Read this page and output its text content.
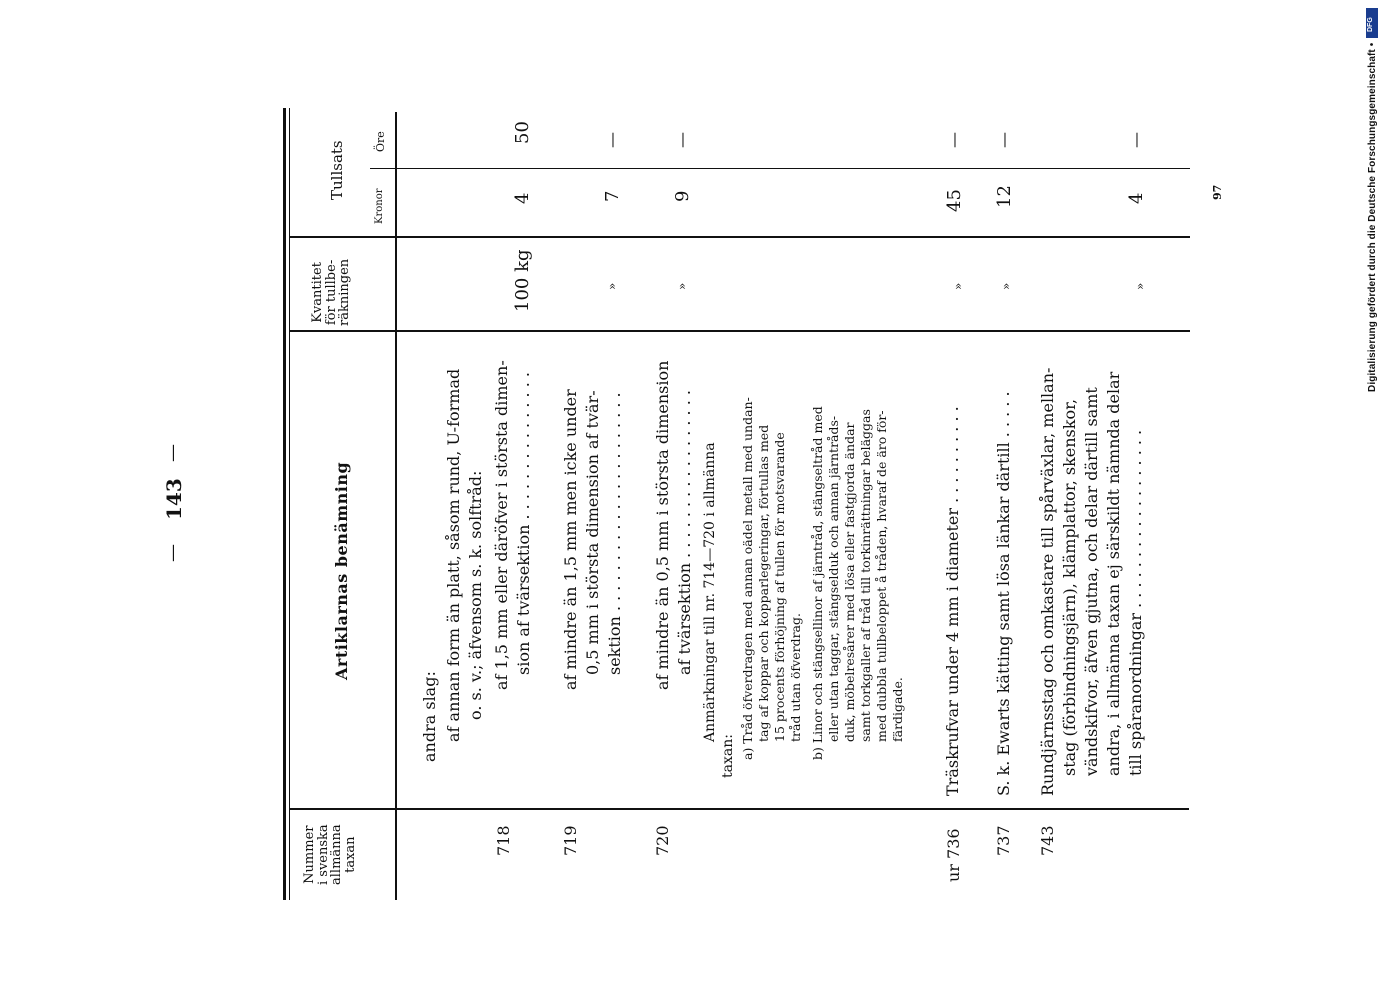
—
143
—
Nummer
i svenska
allmänna
taxan
Artiklarnas benämning
Kvantitet
för tullbe-
räkningen
Tullsats
Kronor
Öre
andra slag: af annan form än platt, såsom rund, U-formad o. s. v.; äfvensom s. k. solftråd:
718
af 1,5 mm eller däröfver i största dimen- sion af tvärsektion . . . . . . . . . . . . . . .
100 kg
4
50
719
af mindre än 1,5 mm men icke under 0,5 mm i största dimension af tvär- sektion . . . . . . . . . . . . . . . . . . . . . .
»
7
—
720
af mindre än 0,5 mm i största dimension af tvärsektion . . . . . . . . . . . . . . . . .
»
9
—
Anmärkningar till nr. 714—720 i allmänna
taxan: a) Tråd öfverdragen med annan oädel metall med undan- tag af koppar och kopparlegeringar, förtullas med 15 procents förhöjning af tullen för motsvarande tråd utan öfverdrag. b) Linor och stängsellinor af järntråd, stängseltråd med eller utan taggar, stängselduk och annan järntråds- duk, möbelresårer med lösa eller fastgjorda ändar samt torkgaller af tråd till torkinrättningar beläggas med dubbla tullbeloppet å tråden, hvaraf de äro för- färdigade.
ur 736
Träskrufvar under 4 mm i diameter . . . . . . . . . .
»
45
—
737
S. k. Ewarts kätting samt lösa länkar därtill . . . . .
»
12
—
743
Rundjärnsstag och omkastare till spårväxlar, mellan- stag (förbindningsjärn), klämplattor, skenskor, vändskifvor, äfven gjutna, och delar därtill samt andra, i allmänna taxan ej särskildt nämnda delar till spåranordningar . . . . . . . . . . . . . . . . . .
»
4
—
97	Digitalisierung gefördert durch die Deutsche Forschungsgemeinschaft •
DFG
